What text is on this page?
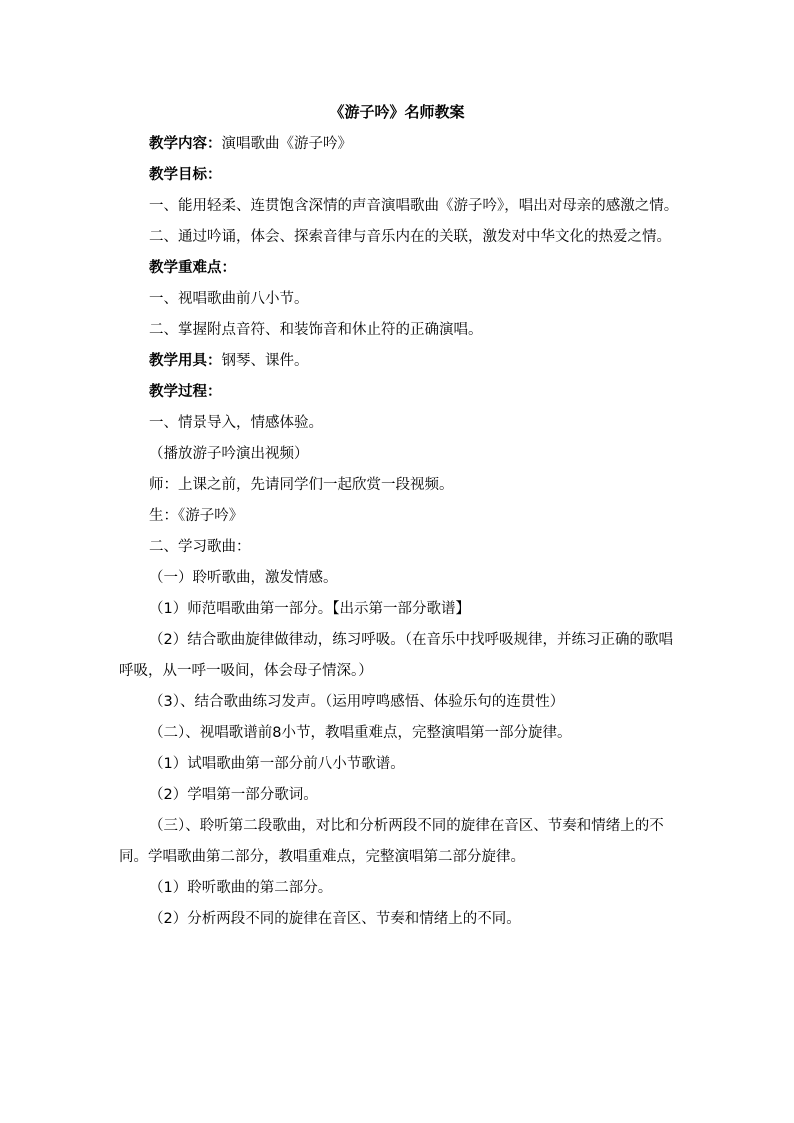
《游子吟》名师教案

教学内容：演唱歌曲《游子吟》

教学目标：

一、能用轻柔、连贯饱含深情的声音演唱歌曲《游子吟》，唱出对母亲的感激之情。

二、通过吟诵，体会、探索音律与音乐内在的关联，激发对中华文化的热爱之情。

教学重难点：

一、视唱歌曲前八小节。

二、掌握附点音符、和装饰音和休止符的正确演唱。

教学用具：钢琴、课件。

教学过程：

一、情景导入，情感体验。

（播放游子吟演出视频）

师：上课之前，先请同学们一起欣赏一段视频。

生：《游子吟》

二、学习歌曲：

（一）聆听歌曲，激发情感。

（1）师范唱歌曲第一部分。【出示第一部分歌谱】

（2）结合歌曲旋律做律动，练习呼吸。（在音乐中找呼吸规律，并练习正确的歌唱呼吸，从一呼一吸间，体会母子情深。）

（3）、结合歌曲练习发声。（运用哼鸣感悟、体验乐句的连贯性）

（二）、视唱歌谱前8小节，教唱重难点，完整演唱第一部分旋律。

（1）试唱歌曲第一部分前八小节歌谱。

（2）学唱第一部分歌词。

（三）、聆听第二段歌曲，对比和分析两段不同的旋律在音区、节奏和情绪上的不同。学唱歌曲第二部分，教唱重难点，完整演唱第二部分旋律。

（1）聆听歌曲的第二部分。

（2）分析两段不同的旋律在音区、节奏和情绪上的不同。
